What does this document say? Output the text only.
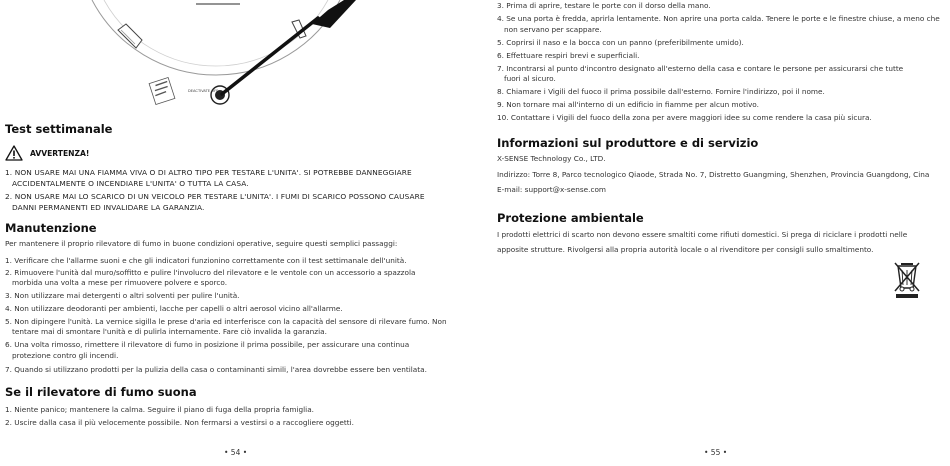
DEACTIVATE OFF
Test settimanale
AVVERTENZA!

1. NON USARE MAI UNA FIAMMA VIVA O DI ALTRO TIPO PER TESTARE L'UNITA'. SI POTREBBE DANNEGGIARE

ACCIDENTALMENTE O INCENDIARE L'UNITA' O TUTTA LA CASA.

2. NON USARE MAI LO SCARICO DI UN VEICOLO PER TESTARE L'UNITA'. I FUMI DI SCARICO POSSONO CAUSARE

DANNI PERMANENTI ED INVALIDARE LA GARANZIA.

Manutenzione

Per mantenere il proprio rilevatore di fumo in buone condizioni operative, seguire questi semplici passaggi:

1. Verificare che l'allarme suoni e che gli indicatori funzionino correttamente con il test settimanale dell'unità.

2. Rimuovere l'unità dal muro/soffitto e pulire l'involucro del rilevatore e le ventole con un accessorio a spazzola

morbida una volta a mese per rimuovere polvere e sporco.

3. Non utilizzare mai detergenti o altri solventi per pulire l'unità.

4. Non utilizzare deodoranti per ambienti, lacche per capelli o altri aerosol vicino all'allarme.

5. Non dipingere l'unità. La vernice sigilla le prese d'aria ed interferisce con la capacità del sensore di rilevare fumo. Non

tentare mai di smontare l'unità e di pulirla internamente. Fare ciò invalida la garanzia.

6. Una volta rimosso, rimettere il rilevatore di fumo in posizione il prima possibile, per assicurare una continua

protezione contro gli incendi.

7. Quando si utilizzano prodotti per la pulizia della casa o contaminanti simili, l'area dovrebbe essere ben ventilata.

Se il rilevatore di fumo suona

1. Niente panico; mantenere la calma. Seguire il piano di fuga della propria famiglia.

2. Uscire dalla casa il più velocemente possibile. Non fermarsi a vestirsi o a raccogliere oggetti.

• 54 •

3. Prima di aprire, testare le porte con il dorso della mano.

4. Se una porta è fredda, aprirla lentamente. Non aprire una porta calda. Tenere le porte e le finestre chiuse, a meno che

non servano per scappare.

5. Coprirsi il naso e la bocca con un panno (preferibilmente umido).

6. Effettuare respiri brevi e superficiali.

7. Incontrarsi al punto d'incontro designato all'esterno della casa e contare le persone per assicurarsi che tutte

fuori al sicuro.

8. Chiamare i Vigili del fuoco il prima possibile dall'esterno. Fornire l'indirizzo, poi il nome.

9. Non tornare mai all'interno di un edificio in fiamme per alcun motivo.

10. Contattare i Vigili del fuoco della zona per avere maggiori idee su come rendere la casa più sicura.

Informazioni sul produttore e di servizio

X-SENSE Technology Co., LTD.

Indirizzo: Torre 8, Parco tecnologico Qiaode, Strada No. 7, Distretto Guangming, Shenzhen, Provincia Guangdong, Cina

E-mail: support@x-sense.com

Protezione ambientale

I prodotti elettrici di scarto non devono essere smaltiti come rifiuti domestici. Si prega di riciclare i prodotti nelle

apposite strutture. Rivolgersi alla propria autorità locale o al rivenditore per consigli sullo smaltimento.

• 55 •
